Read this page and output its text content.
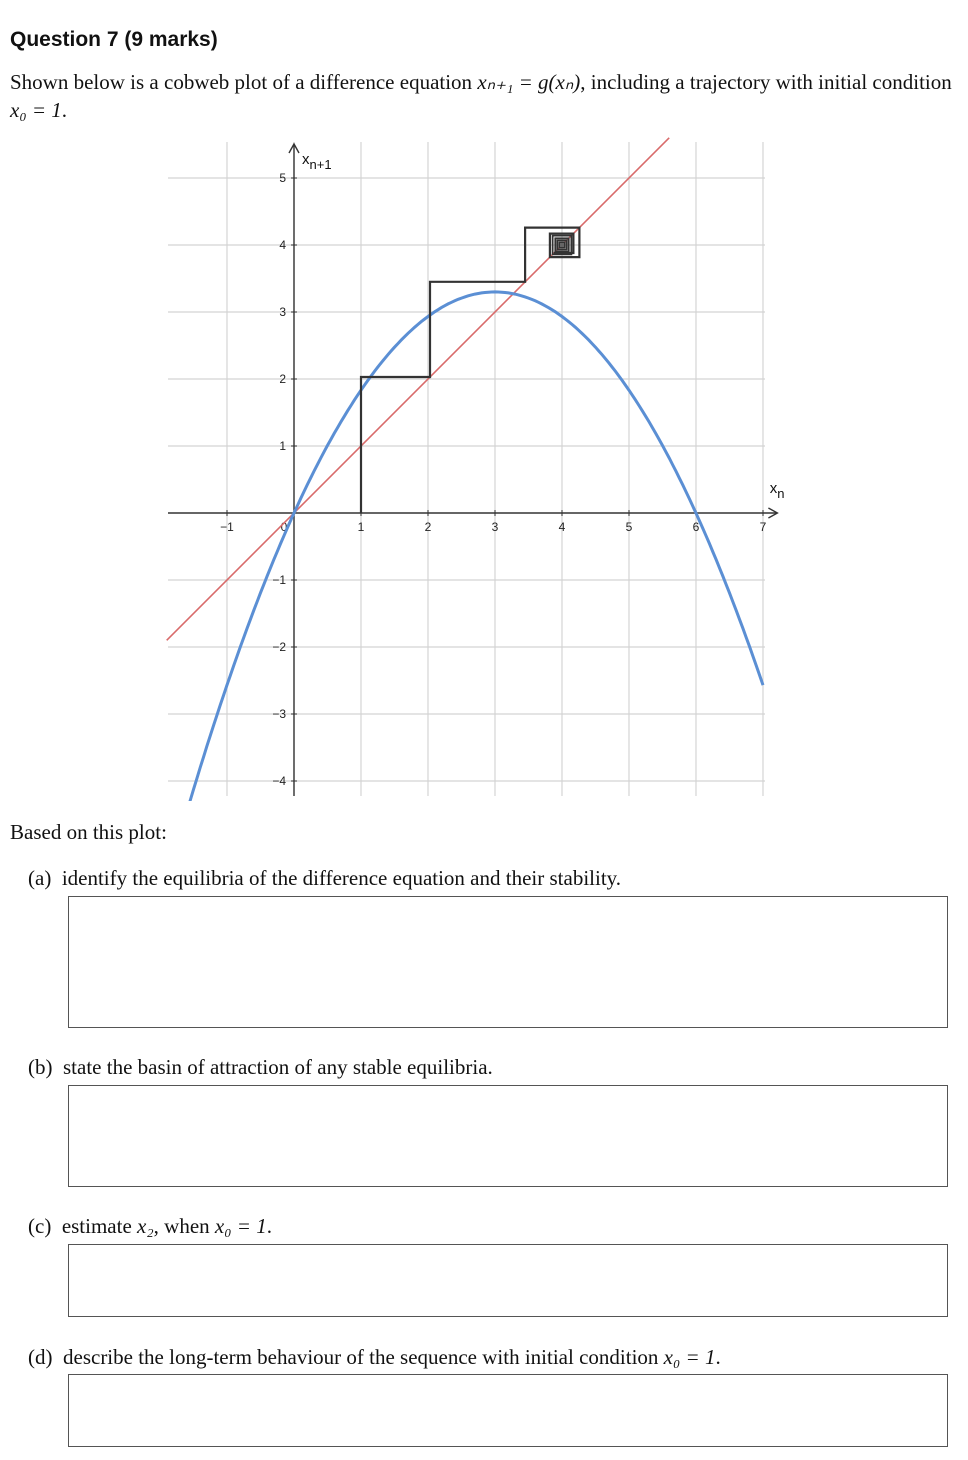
Question 7 (9 marks)
Shown below is a cobweb plot of a difference equation xₙ₊₁ = g(xₙ), including a trajectory with initial condition x₀ = 1.
−1	0	1	2	3	4	5	6	7
5
4
3
2
1
−1
−2
−3
−4
xn
xn+1
Based on this plot:
(a) identify the equilibria of the difference equation and their stability.
(b) state the basin of attraction of any stable equilibria.
(c) estimate x₂, when x₀ = 1.
(d) describe the long-term behaviour of the sequence with initial condition x₀ = 1.
